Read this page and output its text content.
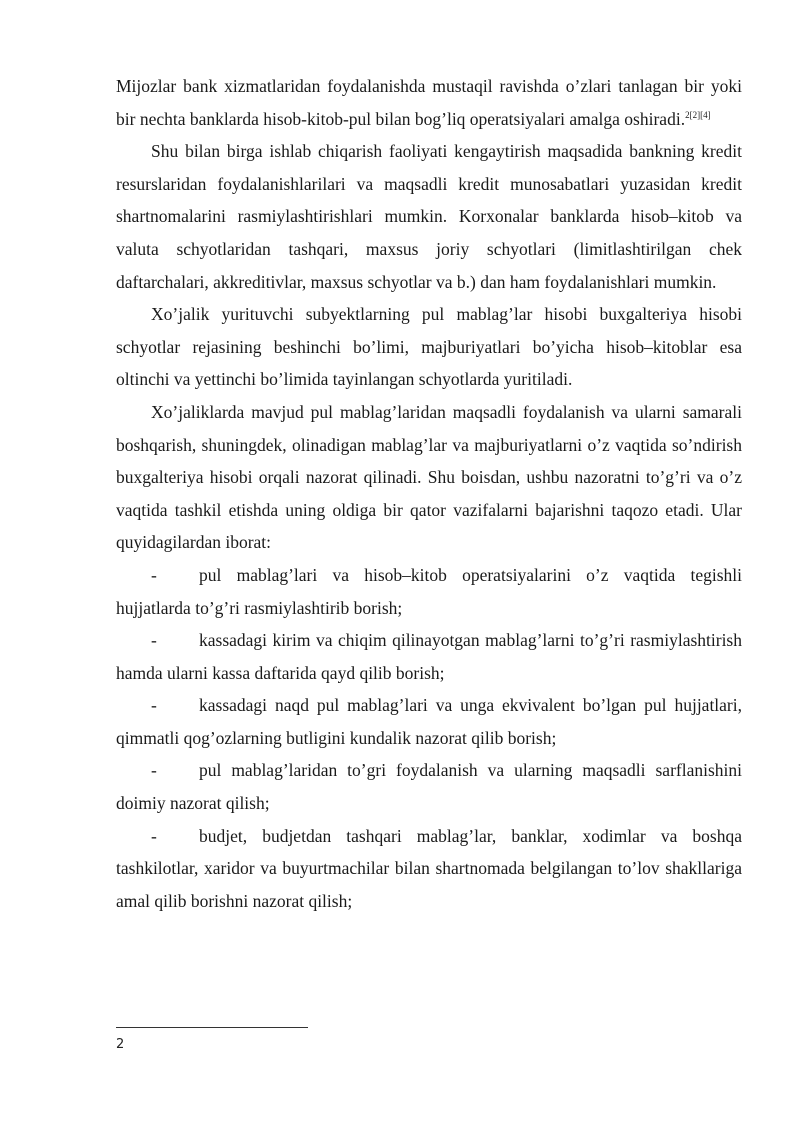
Mijozlar bank xizmatlaridan foydalanishda mustaqil ravishda o’zlari tanlagan bir yoki bir nechta banklarda hisob-kitob-pul bilan bog’liq operatsiyalari amalga oshiradi.$^{2[2][4]}$

Shu bilan birga ishlab chiqarish faoliyati kengaytirish maqsadida bankning kredit resurslaridan foydalanishlarilari va maqsadli kredit munosabatlari yuzasidan kredit shartnomalarini rasmiylashtirishlari mumkin. Korxonalar banklarda hisob–kitob va valuta schyotlaridan tashqari, maxsus joriy schyotlari (limitlashtirilgan chek daftarchalari, akkreditivlar, maxsus schyotlar va b.) dan ham foydalanishlari mumkin.

Xo’jalik yurituvchi subyektlarning pul mablag’lar hisobi buxgalteriya hisobi schyotlar rejasining beshinchi bo’limi, majburiyatlari bo’yicha hisob–kitoblar esa oltinchi va yettinchi bo’limida tayinlangan schyotlarda yuritiladi.

Xo’jaliklarda mavjud pul mablag’laridan maqsadli foydalanish va ularni samarali boshqarish, shuningdek, olinadigan mablag’lar va majburiyatlarni o’z vaqtida so’ndirish buxgalteriya hisobi orqali nazorat qilinadi. Shu boisdan, ushbu nazoratni to’g’ri va o’z vaqtida tashkil etishda uning oldiga bir qator vazifalarni bajarishni taqozo etadi. Ular quyidagilardan iborat:

- pul mablag’lari va hisob–kitob operatsiyalarini o’z vaqtida tegishli hujjatlarda to’g’ri rasmiylashtirib borish;

- kassadagi kirim va chiqim qilinayotgan mablag’larni to’g’ri rasmiylashtirish hamda ularni kassa daftarida qayd qilib borish;

- kassadagi naqd pul mablag’lari va unga ekvivalent bo’lgan pul hujjatlari, qimmatli qog’ozlarning butligini kundalik nazorat qilib borish;

- pul mablag’laridan to’gri foydalanish va ularning maqsadli sarflanishini doimiy nazorat qilish;

- budjet, budjetdan tashqari mablag’lar, banklar, xodimlar va boshqa tashkilotlar, xaridor va buyurtmachilar bilan shartnomada belgilangan to’lov shakllariga amal qilib borishni nazorat qilish;

2
